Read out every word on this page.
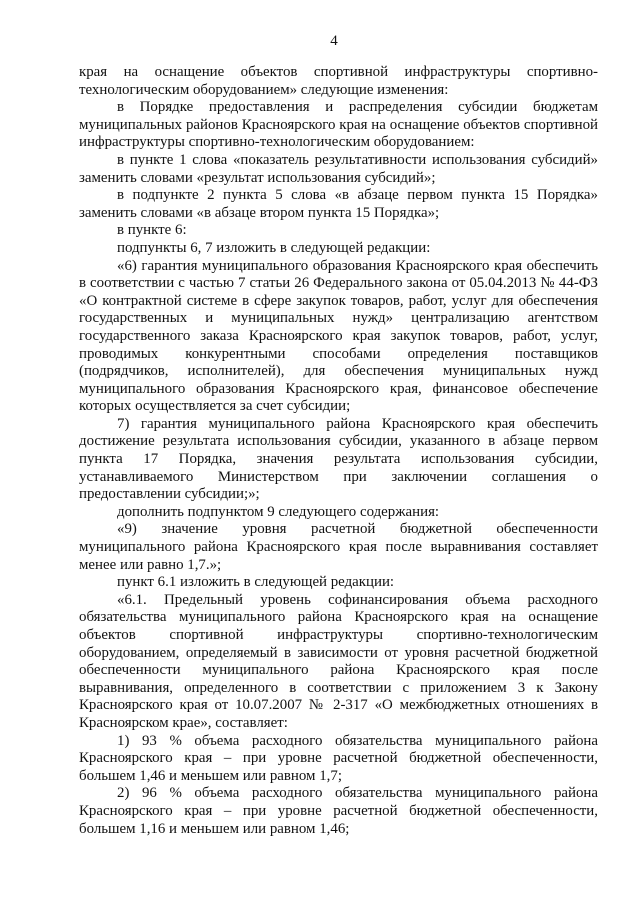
4

края на оснащение объектов спортивной инфраструктуры спортивно-технологическим оборудованием» следующие изменения:

в Порядке предоставления и распределения субсидии бюджетам муниципальных районов Красноярского края на оснащение объектов спортивной инфраструктуры спортивно-технологическим оборудованием:

в пункте 1 слова «показатель результативности использования субсидий» заменить словами «результат использования субсидий»;

в подпункте 2 пункта 5 слова «в абзаце первом пункта 15 Порядка» заменить словами «в абзаце втором пункта 15 Порядка»;

в пункте 6:

подпункты 6, 7 изложить в следующей редакции:

«6) гарантия муниципального образования Красноярского края обеспечить в соответствии с частью 7 статьи 26 Федерального закона от 05.04.2013 № 44-ФЗ «О контрактной системе в сфере закупок товаров, работ, услуг для обеспечения государственных и муниципальных нужд» централизацию агентством государственного заказа Красноярского края закупок товаров, работ, услуг, проводимых конкурентными способами определения поставщиков (подрядчиков, исполнителей), для обеспечения муниципальных нужд муниципального образования Красноярского края, финансовое обеспечение которых осуществляется за счет субсидии;

7) гарантия муниципального района Красноярского края обеспечить достижение результата использования субсидии, указанного в абзаце первом пункта 17 Порядка, значения результата использования субсидии, устанавливаемого Министерством при заключении соглашения о предоставлении субсидии;»;

дополнить подпунктом 9 следующего содержания:

«9) значение уровня расчетной бюджетной обеспеченности муниципального района Красноярского края после выравнивания составляет менее или равно 1,7.»;

пункт 6.1 изложить в следующей редакции:

«6.1. Предельный уровень софинансирования объема расходного обязательства муниципального района Красноярского края на оснащение объектов спортивной инфраструктуры спортивно-технологическим оборудованием, определяемый в зависимости от уровня расчетной бюджетной обеспеченности муниципального района Красноярского края после выравнивания, определенного в соответствии с приложением 3 к Закону Красноярского края от 10.07.2007 № 2-317 «О межбюджетных отношениях в Красноярском крае», составляет:

1) 93 % объема расходного обязательства муниципального района Красноярского края – при уровне расчетной бюджетной обеспеченности, большем 1,46 и меньшем или равном 1,7;

2) 96 % объема расходного обязательства муниципального района Красноярского края – при уровне расчетной бюджетной обеспеченности, большем 1,16 и меньшем или равном 1,46;
